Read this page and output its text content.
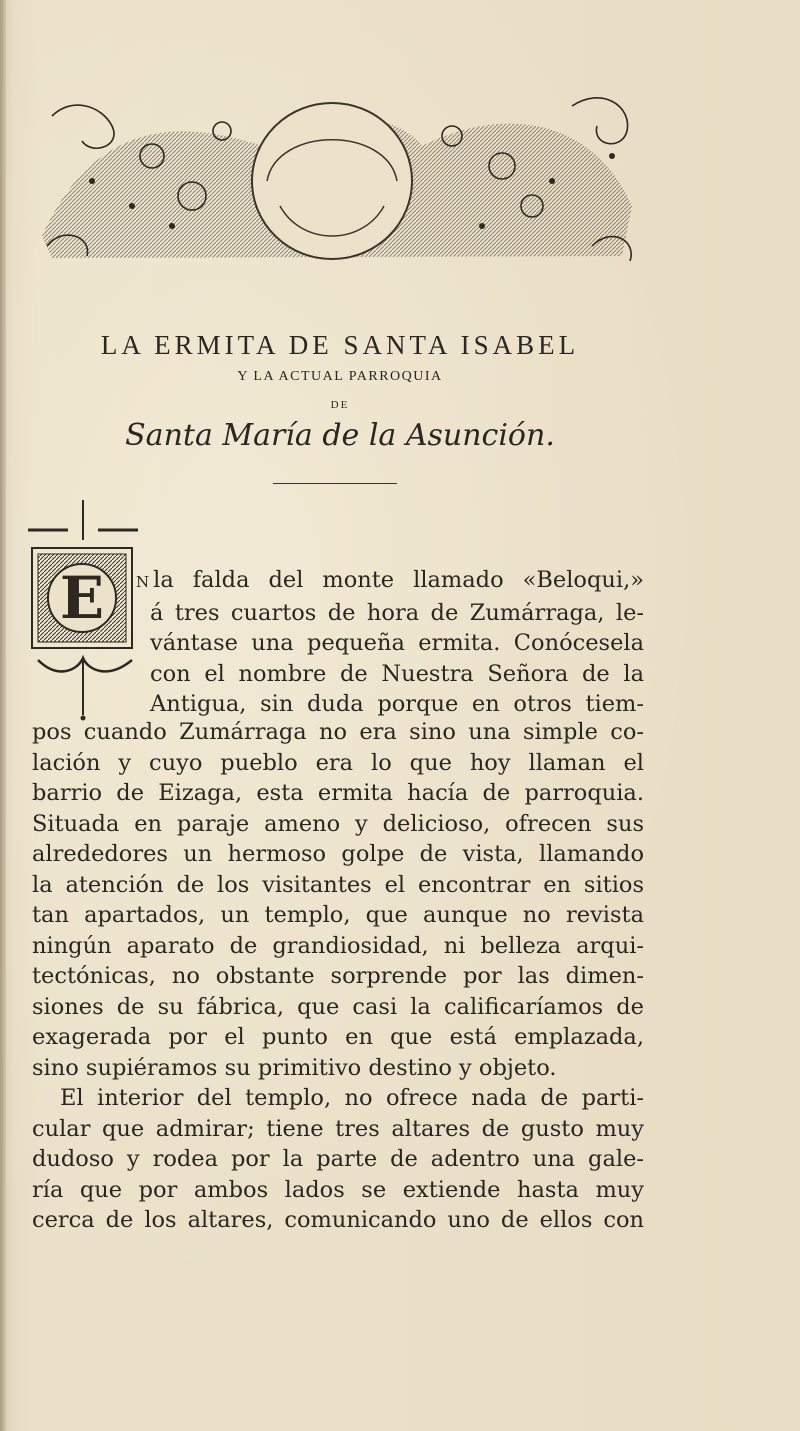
LA ERMITA DE SANTA ISABEL
Y LA ACTUAL PARROQUIA
DE
Santa María de la Asunción.
E N la falda del monte llamado «Beloqui,»
á tres cuartos de hora de Zumárraga, le-
vántase una pequeña ermita. Conócesela
con el nombre de Nuestra Señora de la
Antigua, sin duda porque en otros tiem-
pos cuando Zumárraga no era sino una simple co-
lación y cuyo pueblo era lo que hoy llaman el
barrio de Eizaga, esta ermita hacía de parroquia.
Situada en paraje ameno y delicioso, ofrecen sus
alrededores un hermoso golpe de vista, llamando
la atención de los visitantes el encontrar en sitios
tan apartados, un templo, que aunque no revista
ningún aparato de grandiosidad, ni belleza arqui-
tectónicas, no obstante sorprende por las dimen-
siones de su fábrica, que casi la calificaríamos de
exagerada por el punto en que está emplazada,
sino supiéramos su primitivo destino y objeto.
El interior del templo, no ofrece nada de parti-
cular que admirar; tiene tres altares de gusto muy
dudoso y rodea por la parte de adentro una gale-
ría que por ambos lados se extiende hasta muy
cerca de los altares, comunicando uno de ellos con
